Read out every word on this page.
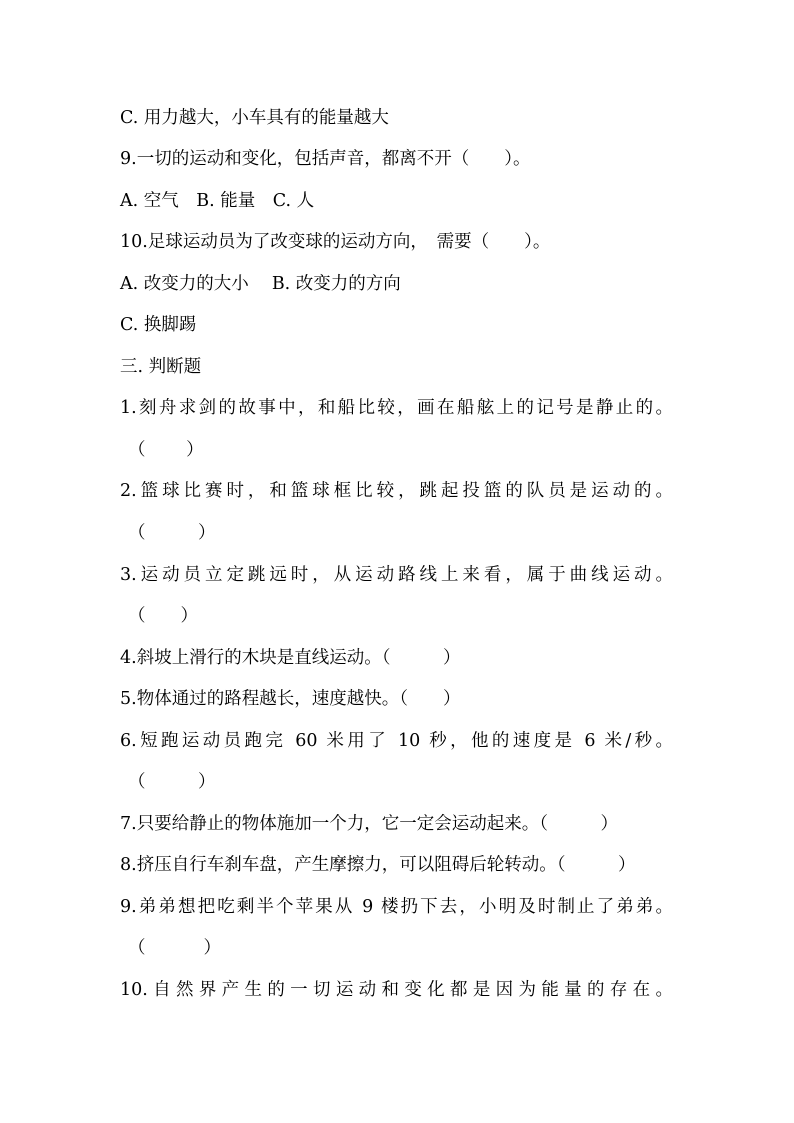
C. 用力越大，小车具有的能量越大
9.一切的运动和变化，包括声音，都离不开（　　）。
A. 空气　B. 能量　C. 人
10.足球运动员为了改变球的运动方向，　需要（　　）。
A. 改变力的大小　 B. 改变力的方向
C. 换脚踢
三. 判断题
1.刻舟求剑的故事中，和船比较，画在船舷上的记号是静止的。
（　　 ）
2.篮球比赛时，和篮球框比较，跳起投篮的队员是运动的。
（　　　）
3.运动员立定跳远时，从运动路线上来看，属于曲线运动。
（　　）
4.斜坡上滑行的木块是直线运动。（　　　）
5.物体通过的路程越长，速度越快。（　　）
6.短跑运动员跑完 60 米用了 10 秒，他的速度是 6 米/秒。
（　　　）
7.只要给静止的物体施加一个力，它一定会运动起来。（　　　）
8.挤压自行车刹车盘，产生摩擦力，可以阻碍后轮转动。（　　　）
9.弟弟想把吃剩半个苹果从 9 楼扔下去，小明及时制止了弟弟。
（　　　 ）
10.自然界产生的一切运动和变化都是因为能量的存在。
